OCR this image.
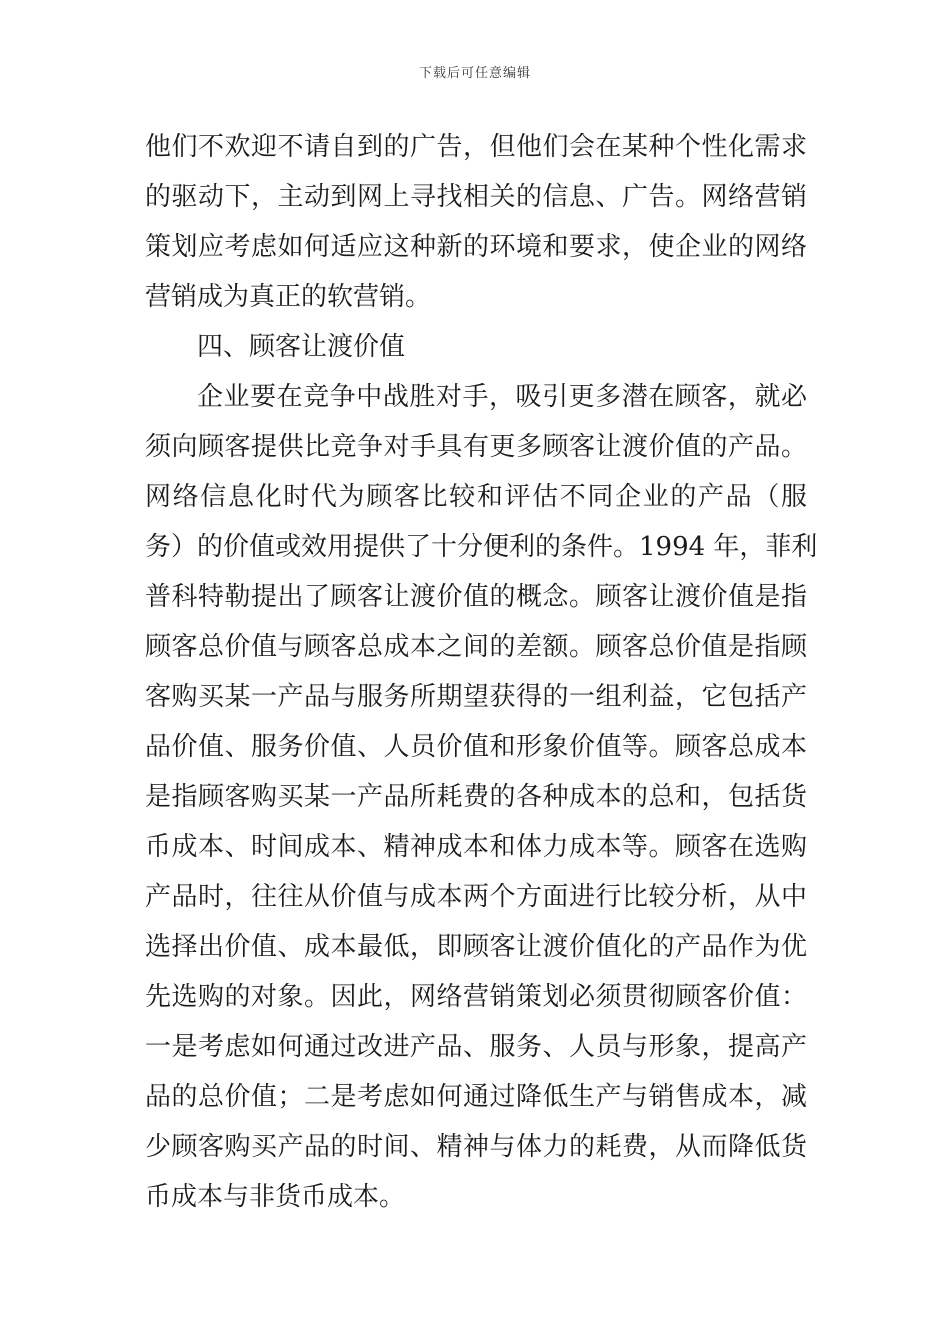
下载后可任意编辑
他们不欢迎不请自到的广告，但他们会在某种个性化需求
的驱动下，主动到网上寻找相关的信息、广告。网络营销
策划应考虑如何适应这种新的环境和要求，使企业的网络
营销成为真正的软营销。
四、顾客让渡价值
企业要在竞争中战胜对手，吸引更多潜在顾客，就必
须向顾客提供比竞争对手具有更多顾客让渡价值的产品。
网络信息化时代为顾客比较和评估不同企业的产品（服
务）的价值或效用提供了十分便利的条件。1994 年，菲利
普科特勒提出了顾客让渡价值的概念。顾客让渡价值是指
顾客总价值与顾客总成本之间的差额。顾客总价值是指顾
客购买某一产品与服务所期望获得的一组利益，它包括产
品价值、服务价值、人员价值和形象价值等。顾客总成本
是指顾客购买某一产品所耗费的各种成本的总和，包括货
币成本、时间成本、精神成本和体力成本等。顾客在选购
产品时，往往从价值与成本两个方面进行比较分析，从中
选择出价值、成本最低，即顾客让渡价值化的产品作为优
先选购的对象。因此，网络营销策划必须贯彻顾客价值：
一是考虑如何通过改进产品、服务、人员与形象，提高产
品的总价值；二是考虑如何通过降低生产与销售成本，减
少顾客购买产品的时间、精神与体力的耗费，从而降低货
币成本与非货币成本。
